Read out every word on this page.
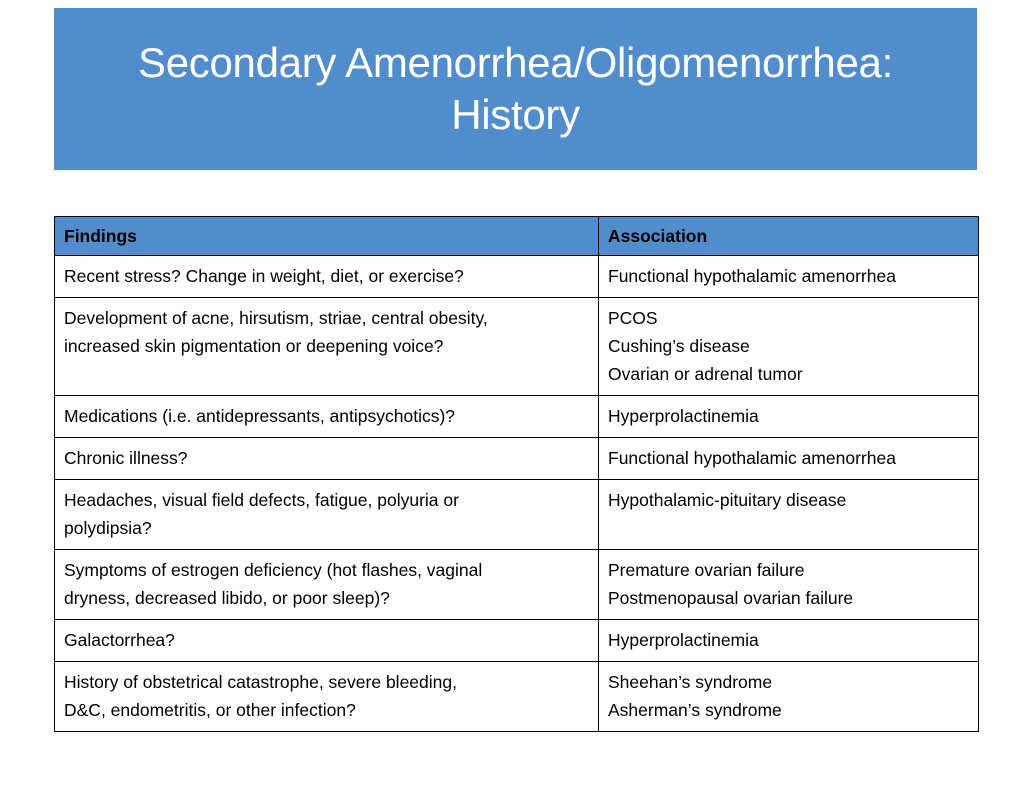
Secondary Amenorrhea/Oligomenorrhea:
History
Findings	Association

Recent stress? Change in weight, diet, or exercise?	Functional hypothalamic amenorrhea

Development of acne, hirsutism, striae, central obesity,
increased skin pigmentation or deepening voice?	PCOS
Cushing’s disease
Ovarian or adrenal tumor

Medications (i.e. antidepressants, antipsychotics)?	Hyperprolactinemia

Chronic illness?	Functional hypothalamic amenorrhea

Headaches, visual field defects, fatigue, polyuria or
polydipsia?	Hypothalamic-pituitary disease

Symptoms of estrogen deficiency (hot flashes, vaginal
dryness, decreased libido, or poor sleep)?	Premature ovarian failure
Postmenopausal ovarian failure

Galactorrhea?	Hyperprolactinemia

History of obstetrical catastrophe, severe bleeding,
D&C, endometritis, or other infection?	Sheehan’s syndrome
Asherman’s syndrome
